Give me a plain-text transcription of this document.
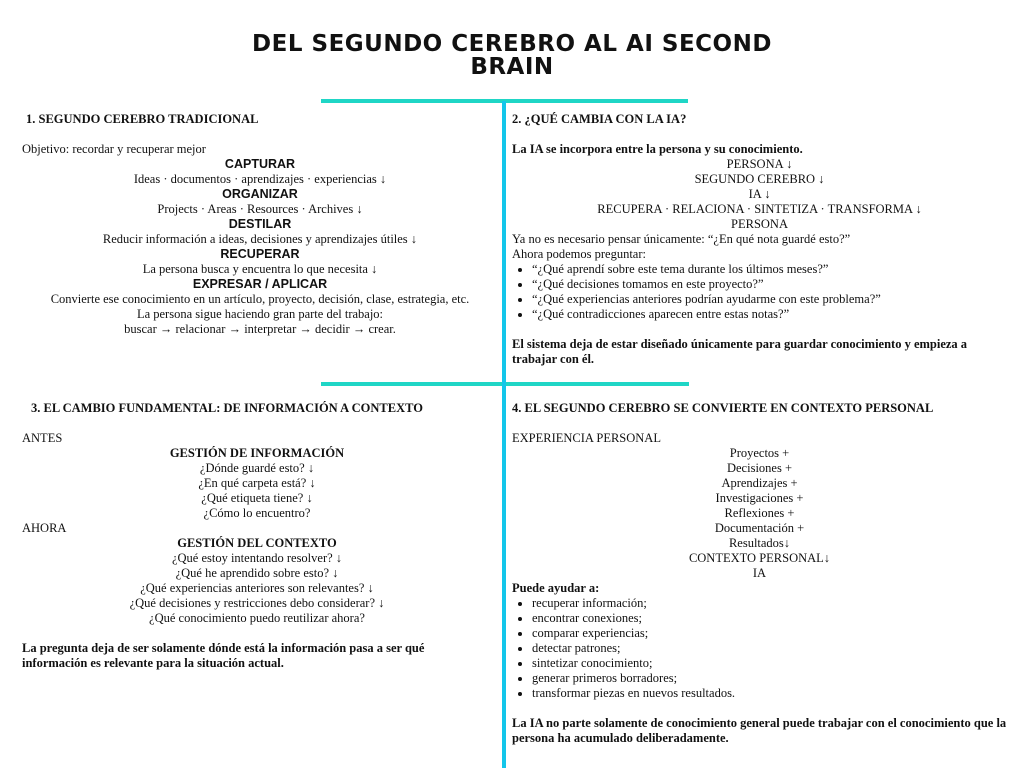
DEL SEGUNDO CEREBRO AL AI SECOND
BRAIN
1. SEGUNDO CEREBRO TRADICIONAL
Objetivo: recordar y recuperar mejor
CAPTURAR
Ideas · documentos · aprendizajes · experiencias ↓
ORGANIZAR
Projects · Areas · Resources · Archives ↓
DESTILAR
Reducir información a ideas, decisiones y aprendizajes útiles ↓
RECUPERAR
La persona busca y encuentra lo que necesita ↓
EXPRESAR / APLICAR
Convierte ese conocimiento en un artículo, proyecto, decisión, clase, estrategia, etc.
La persona sigue haciendo gran parte del trabajo:
buscar → relacionar → interpretar → decidir → crear.
2. ¿QUÉ CAMBIA CON LA IA?
La IA se incorpora entre la persona y su conocimiento.
PERSONA ↓
SEGUNDO CEREBRO ↓
IA ↓
RECUPERA · RELACIONA · SINTETIZA · TRANSFORMA ↓
PERSONA
Ya no es necesario pensar únicamente: “¿En qué nota guardé esto?”
Ahora podemos preguntar:
• “¿Qué aprendí sobre este tema durante los últimos meses?”
• “¿Qué decisiones tomamos en este proyecto?”
• “¿Qué experiencias anteriores podrían ayudarme con este problema?”
• “¿Qué contradicciones aparecen entre estas notas?”
El sistema deja de estar diseñado únicamente para guardar conocimiento y empieza a trabajar con él.
3. EL CAMBIO FUNDAMENTAL: DE INFORMACIÓN A CONTEXTO
ANTES
GESTIÓN DE INFORMACIÓN
¿Dónde guardé esto? ↓
¿En qué carpeta está? ↓
¿Qué etiqueta tiene? ↓
¿Cómo lo encuentro?
AHORA
GESTIÓN DEL CONTEXTO
¿Qué estoy intentando resolver? ↓
¿Qué he aprendido sobre esto? ↓
¿Qué experiencias anteriores son relevantes? ↓
¿Qué decisiones y restricciones debo considerar? ↓
¿Qué conocimiento puedo reutilizar ahora?
La pregunta deja de ser solamente dónde está la información pasa a ser qué información es relevante para la situación actual.
4. EL SEGUNDO CEREBRO SE CONVIERTE EN CONTEXTO PERSONAL
EXPERIENCIA PERSONAL
Proyectos +
Decisiones +
Aprendizajes +
Investigaciones +
Reflexiones +
Documentación +
Resultados↓
CONTEXTO PERSONAL↓
IA
Puede ayudar a:
• recuperar información;
• encontrar conexiones;
• comparar experiencias;
• detectar patrones;
• sintetizar conocimiento;
• generar primeros borradores;
• transformar piezas en nuevos resultados.
La IA no parte solamente de conocimiento general puede trabajar con el conocimiento que la persona ha acumulado deliberadamente.
